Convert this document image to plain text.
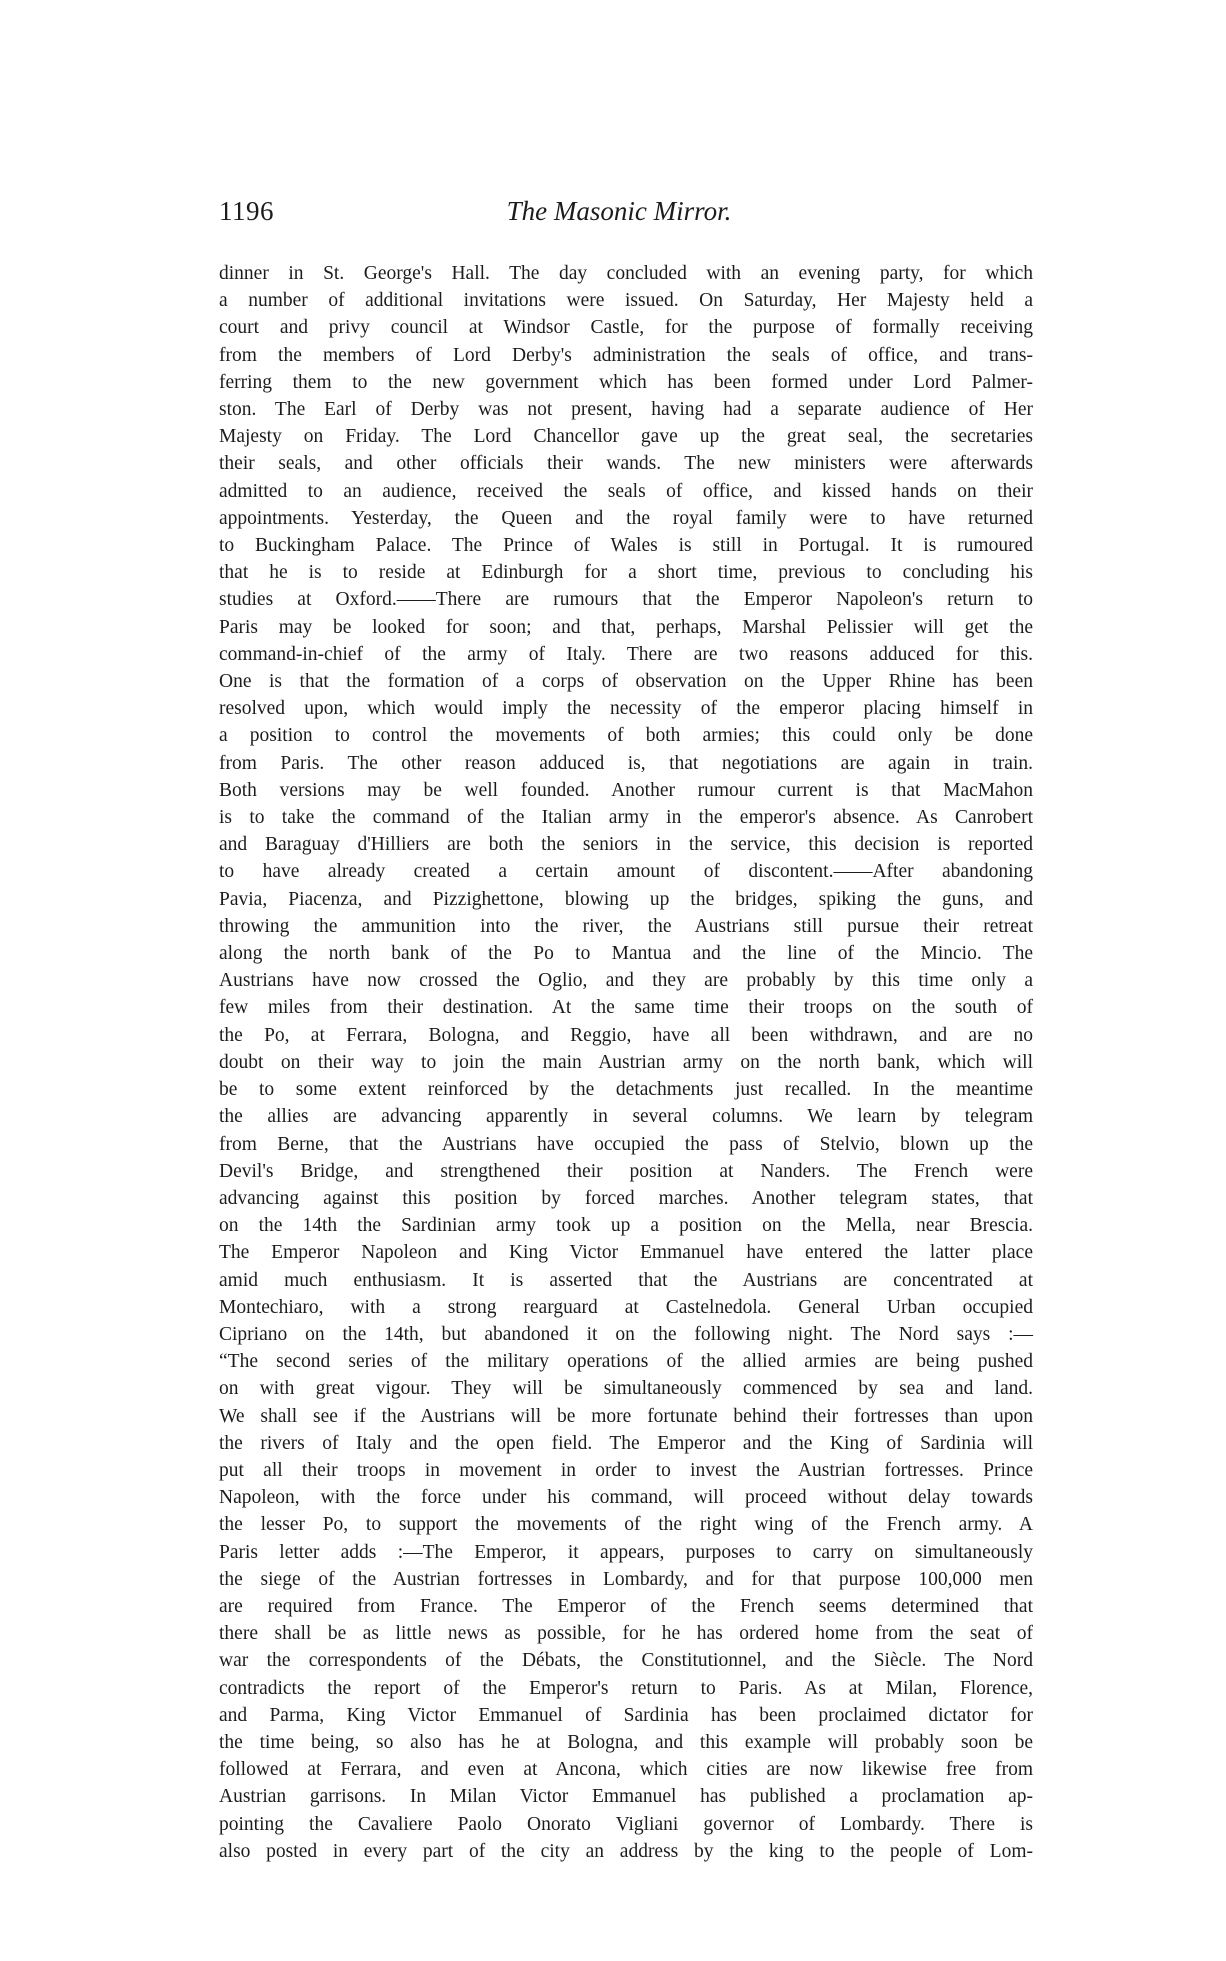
1196	The Masonic Mirror.
dinner in St. George's Hall. The day concluded with an evening party, for which
a number of additional invitations were issued. On Saturday, Her Majesty held a
court and privy council at Windsor Castle, for the purpose of formally receiving
from the members of Lord Derby's administration the seals of office, and trans-
ferring them to the new government which has been formed under Lord Palmer-
ston. The Earl of Derby was not present, having had a separate audience of Her
Majesty on Friday. The Lord Chancellor gave up the great seal, the secretaries
their seals, and other officials their wands. The new ministers were afterwards
admitted to an audience, received the seals of office, and kissed hands on their
appointments. Yesterday, the Queen and the royal family were to have returned
to Buckingham Palace. The Prince of Wales is still in Portugal. It is rumoured
that he is to reside at Edinburgh for a short time, previous to concluding his
studies at Oxford.——There are rumours that the Emperor Napoleon's return to
Paris may be looked for soon; and that, perhaps, Marshal Pelissier will get the
command-in-chief of the army of Italy. There are two reasons adduced for this.
One is that the formation of a corps of observation on the Upper Rhine has been
resolved upon, which would imply the necessity of the emperor placing himself in
a position to control the movements of both armies; this could only be done
from Paris. The other reason adduced is, that negotiations are again in train.
Both versions may be well founded. Another rumour current is that MacMahon
is to take the command of the Italian army in the emperor's absence. As Canrobert
and Baraguay d'Hilliers are both the seniors in the service, this decision is reported
to have already created a certain amount of discontent.——After abandoning
Pavia, Piacenza, and Pizzighettone, blowing up the bridges, spiking the guns, and
throwing the ammunition into the river, the Austrians still pursue their retreat
along the north bank of the Po to Mantua and the line of the Mincio. The
Austrians have now crossed the Oglio, and they are probably by this time only a
few miles from their destination. At the same time their troops on the south of
the Po, at Ferrara, Bologna, and Reggio, have all been withdrawn, and are no
doubt on their way to join the main Austrian army on the north bank, which will
be to some extent reinforced by the detachments just recalled. In the meantime
the allies are advancing apparently in several columns. We learn by telegram
from Berne, that the Austrians have occupied the pass of Stelvio, blown up the
Devil's Bridge, and strengthened their position at Nanders. The French were
advancing against this position by forced marches. Another telegram states, that
on the 14th the Sardinian army took up a position on the Mella, near Brescia.
The Emperor Napoleon and King Victor Emmanuel have entered the latter place
amid much enthusiasm. It is asserted that the Austrians are concentrated at
Montechiaro, with a strong rearguard at Castelnedola. General Urban occupied
Cipriano on the 14th, but abandoned it on the following night. The Nord says :—
“The second series of the military operations of the allied armies are being pushed
on with great vigour. They will be simultaneously commenced by sea and land.
We shall see if the Austrians will be more fortunate behind their fortresses than upon
the rivers of Italy and the open field. The Emperor and the King of Sardinia will
put all their troops in movement in order to invest the Austrian fortresses. Prince
Napoleon, with the force under his command, will proceed without delay towards
the lesser Po, to support the movements of the right wing of the French army. A
Paris letter adds :—The Emperor, it appears, purposes to carry on simultaneously
the siege of the Austrian fortresses in Lombardy, and for that purpose 100,000 men
are required from France. The Emperor of the French seems determined that
there shall be as little news as possible, for he has ordered home from the seat of
war the correspondents of the Débats, the Constitutionnel, and the Siècle. The Nord
contradicts the report of the Emperor's return to Paris. As at Milan, Florence,
and Parma, King Victor Emmanuel of Sardinia has been proclaimed dictator for
the time being, so also has he at Bologna, and this example will probably soon be
followed at Ferrara, and even at Ancona, which cities are now likewise free from
Austrian garrisons. In Milan Victor Emmanuel has published a proclamation ap-
pointing the Cavaliere Paolo Onorato Vigliani governor of Lombardy. There is
also posted in every part of the city an address by the king to the people of Lom-
